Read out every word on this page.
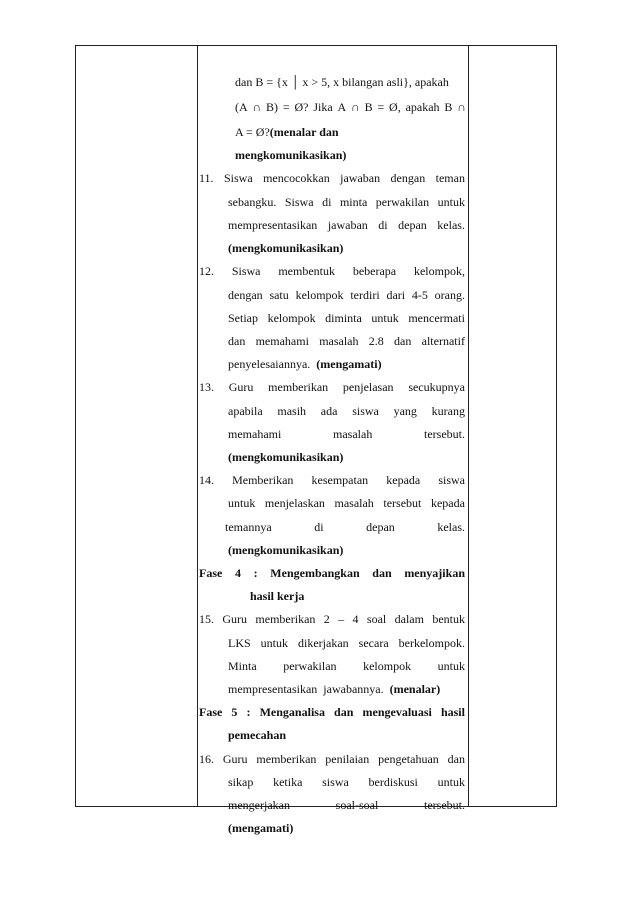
dan B = {x │ x > 5, x bilangan asli}, apakah
(A ∩ B) = Ø? Jika A ∩ B = Ø, apakah B ∩
A = Ø?(menalar dan
mengkomunikasikan)
11. Siswa mencocokkan jawaban dengan teman
sebangku. Siswa di minta perwakilan untuk
mempresentasikan jawaban di depan kelas.
(mengkomunikasikan)
12. Siswa membentuk beberapa kelompok,
dengan satu kelompok terdiri dari 4-5 orang.
Setiap kelompok diminta untuk mencermati
dan memahami masalah 2.8 dan alternatif
penyelesaiannya.  (mengamati)
13. Guru memberikan penjelasan secukupnya
apabila masih ada siswa yang kurang
memahami	masalah	tersebut.
(mengkomunikasikan)
14. Memberikan kesempatan kepada siswa
untuk menjelaskan masalah tersebut kepada
temannya	di	depan	kelas.
(mengkomunikasikan)
Fase 4 : Mengembangkan dan menyajikan
hasil kerja
15. Guru memberikan 2 – 4 soal dalam bentuk
LKS untuk dikerjakan secara berkelompok.
Minta perwakilan kelompok untuk
mempresentasikan  jawabannya.  (menalar)
Fase 5 : Menganalisa dan mengevaluasi hasil
pemecahan
16. Guru memberikan penilaian pengetahuan dan
sikap ketika siswa berdiskusi untuk
mengerjakan	soal-soal	tersebut.
(mengamati)
